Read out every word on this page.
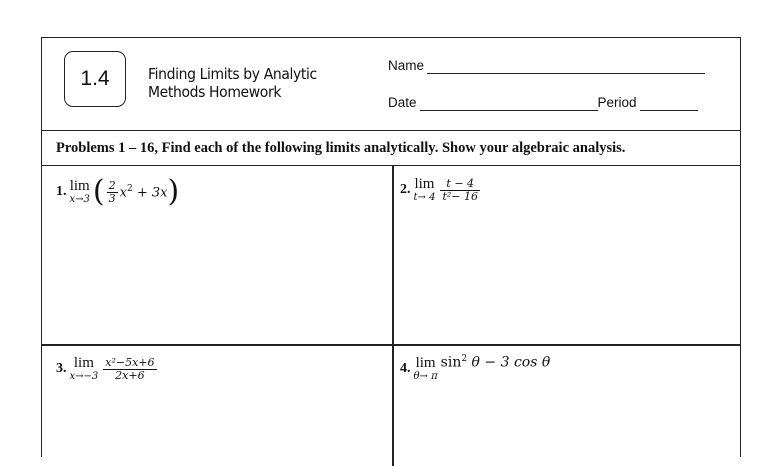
1.4	Finding Limits by Analytic
Methods Homework
Name
Date	Period
Problems 1 – 16, Find each of the following limits analytically. Show your algebraic analysis.
1. lim
x→3 ( $\frac{2}{3} x^2 + 3x$ )	2. lim
$t\to 4 \frac{t - 4}{\text{t²− 16}}$
3. lim
$x\to-3 \frac{\text{x²−5x+6}}{2x+6}$	4. lim
θ→ π
$\sin^2 \theta - 3$ cos θ
